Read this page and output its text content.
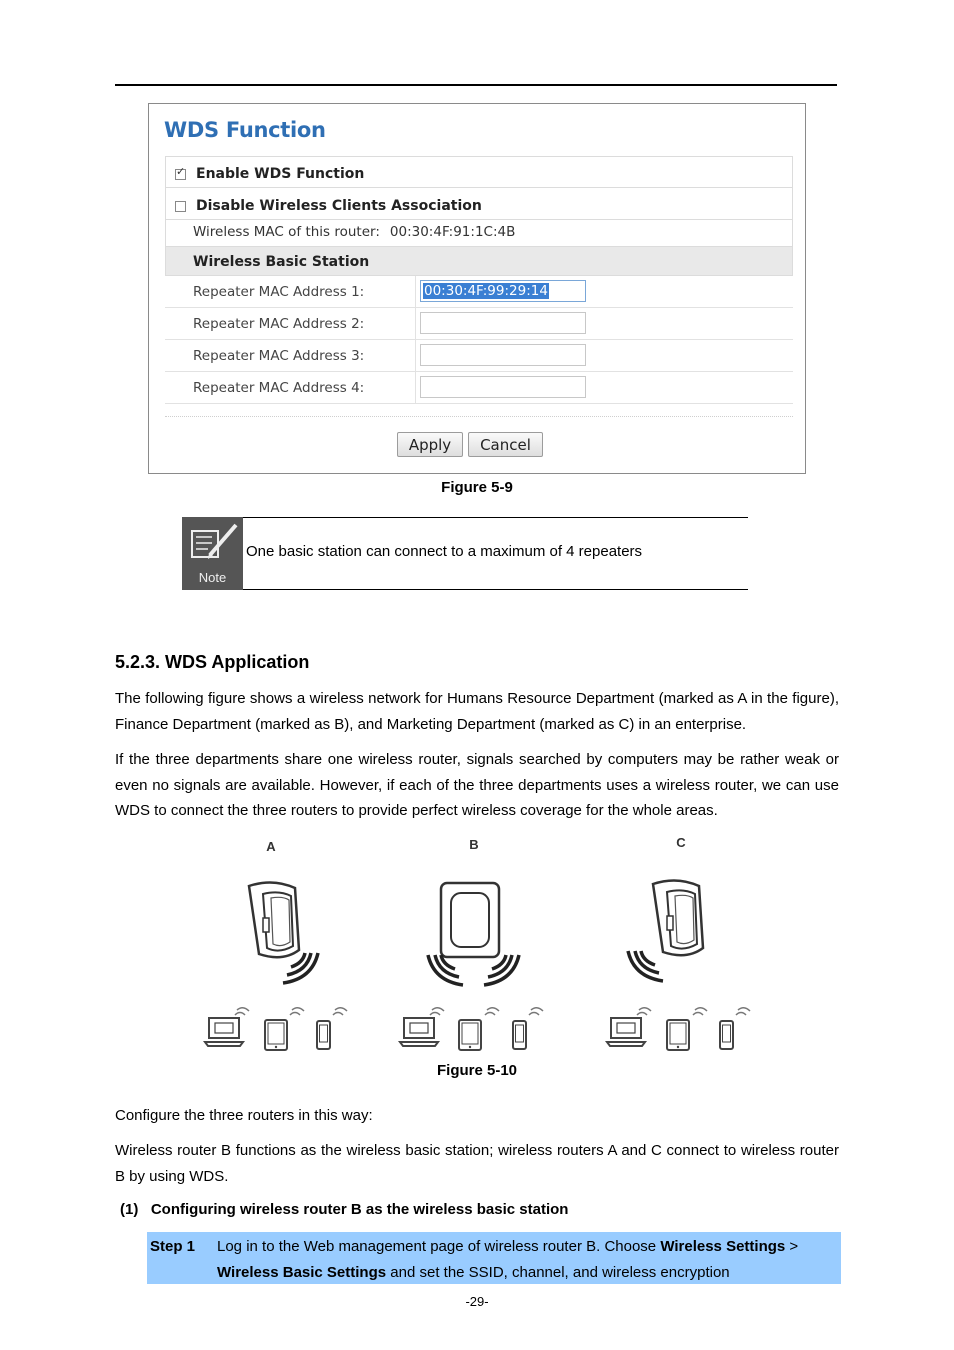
WDS Function
✓
Enable WDS Function
Disable Wireless Clients Association
Wireless MAC of this router: 00:30:4F:91:1C:4B
Wireless Basic Station
Repeater MAC Address 1:
00:30:4F:99:29:14	00:30:4F:99:29:14
Repeater MAC Address 2:
Repeater MAC Address 3:
Repeater MAC Address 4:
Apply	Cancel
Figure 5-9
Note
One basic station can connect to a maximum of 4 repeaters
5.2.3. WDS Application
The following figure shows a wireless network for Humans Resource Department (marked as A in the figure), Finance Department (marked as B), and Marketing Department (marked as C) in an enterprise.
If the three departments share one wireless router, signals searched by computers may be rather weak or even no signals are available. However, if each of the three departments uses a wireless router, we can use WDS to connect the three routers to provide perfect wireless coverage for the whole areas.
A	B	C
Figure 5-10
Configure the three routers in this way:
Wireless router B functions as the wireless basic station; wireless routers A and C connect to wireless router B by using WDS.
(1)   Configuring wireless router B as the wireless basic station
Step 1 Log in to the Web management page of wireless router B. Choose Wireless Settings > Wireless Basic Settings and set the SSID, channel, and wireless encryption
-29-
